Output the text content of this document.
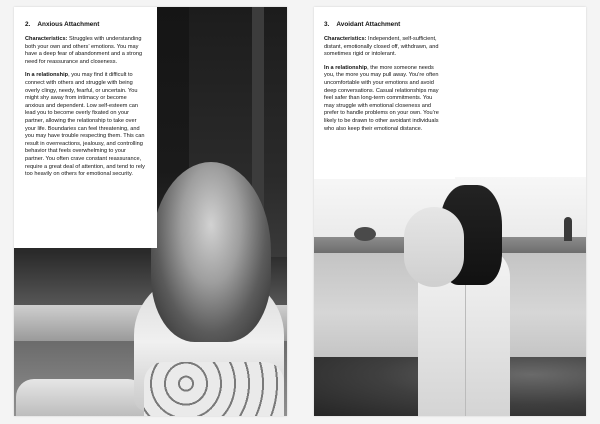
2.    Anxious Attachment

Characteristics: Struggles with understanding both your own and others’ emotions. You may have a deep fear of abandonment and a strong need for reassurance and closeness.

In a relationship, you may find it difficult to connect with others and struggle with being overly clingy, needy, fearful, or uncertain. You might shy away from intimacy or become anxious and dependent. Low self-esteem can lead you to become overly fixated on your partner, allowing the relationship to take over your life. Boundaries can feel threatening, and you may have trouble respecting them. This can result in overreactions, jealousy, and controlling behavior that feels overwhelming to your partner. You often crave constant reassurance, require a great deal of attention, and tend to rely too heavily on others for emotional security.

3.    Avoidant Attachment

Characteristics: Independent, self-sufficient, distant, emotionally closed off, withdrawn, and sometimes rigid or intolerant.

In a relationship, the more someone needs you, the more you may pull away. You’re often uncomfortable with your emotions and avoid deep conversations. Casual relationships may feel safer than long-term commitments. You may struggle with emotional closeness and prefer to handle problems on your own. You’re likely to be drawn to other avoidant individuals who also keep their emotional distance.
